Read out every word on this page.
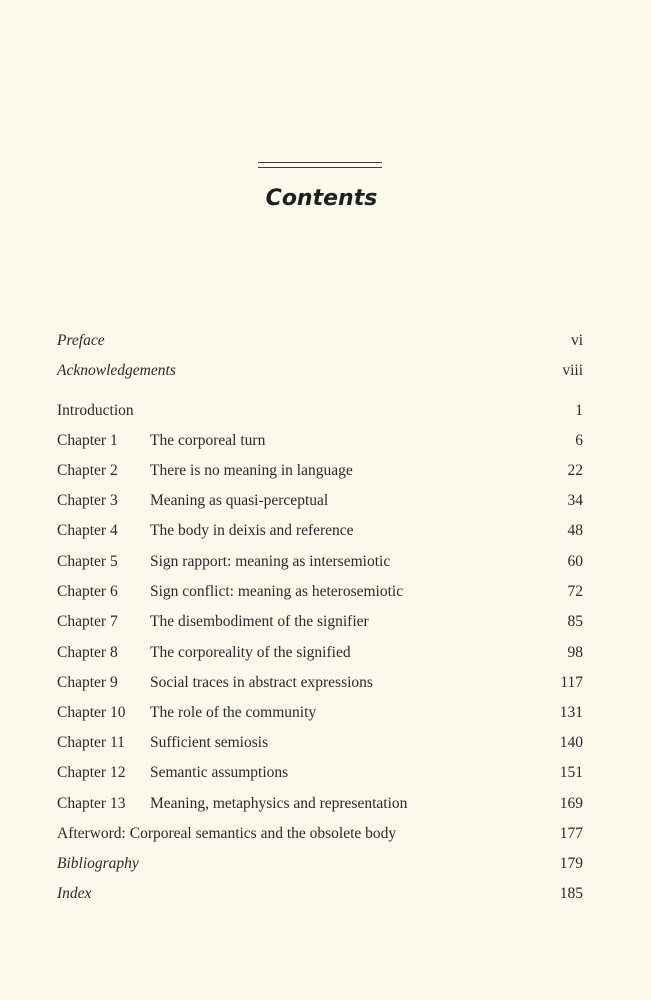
Contents
Preface	vi
Acknowledgements	viii
Introduction	1
Chapter 1 The corporeal turn	6
Chapter 2 There is no meaning in language	22
Chapter 3 Meaning as quasi-perceptual	34
Chapter 4 The body in deixis and reference	48
Chapter 5 Sign rapport: meaning as intersemiotic	60
Chapter 6 Sign conflict: meaning as heterosemiotic	72
Chapter 7 The disembodiment of the signifier	85
Chapter 8 The corporeality of the signified	98
Chapter 9 Social traces in abstract expressions	117
Chapter 10 The role of the community	131
Chapter 11 Sufficient semiosis	140
Chapter 12 Semantic assumptions	151
Chapter 13 Meaning, metaphysics and representation	169
Afterword: Corporeal semantics and the obsolete body	177
Bibliography	179
Index	185
